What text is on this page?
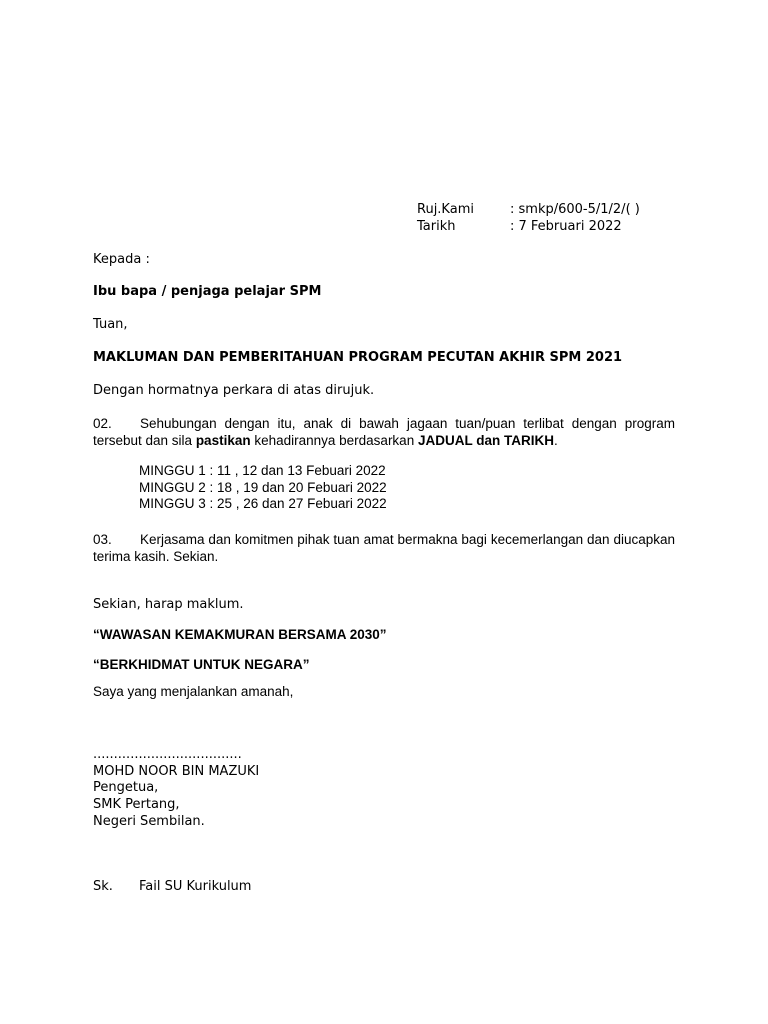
Ruj.Kami	: smkp/600-5/1/2/( )
Tarikh	: 7 Februari 2022
Kepada :
Ibu bapa / penjaga pelajar SPM
Tuan,
MAKLUMAN DAN PEMBERITAHUAN PROGRAM PECUTAN AKHIR SPM 2021
Dengan hormatnya perkara di atas dirujuk.
02. Sehubungan dengan itu, anak di bawah jagaan tuan/puan terlibat dengan program tersebut dan sila pastikan kehadirannya berdasarkan JADUAL dan TARIKH.
MINGGU 1 : 11 , 12 dan 13 Febuari 2022
MINGGU 2 : 18 , 19 dan 20 Febuari 2022
MINGGU 3 : 25 , 26 dan 27 Febuari 2022
03. Kerjasama dan komitmen pihak tuan amat bermakna bagi kecemerlangan dan diucapkan terima kasih. Sekian.
Sekian, harap maklum.
“WAWASAN KEMAKMURAN BERSAMA 2030”
“BERKHIDMAT UNTUK NEGARA”
Saya yang menjalankan amanah,
....................................
MOHD NOOR BIN MAZUKI
Pengetua,
SMK Pertang,
Negeri Sembilan.
Sk. Fail SU Kurikulum
